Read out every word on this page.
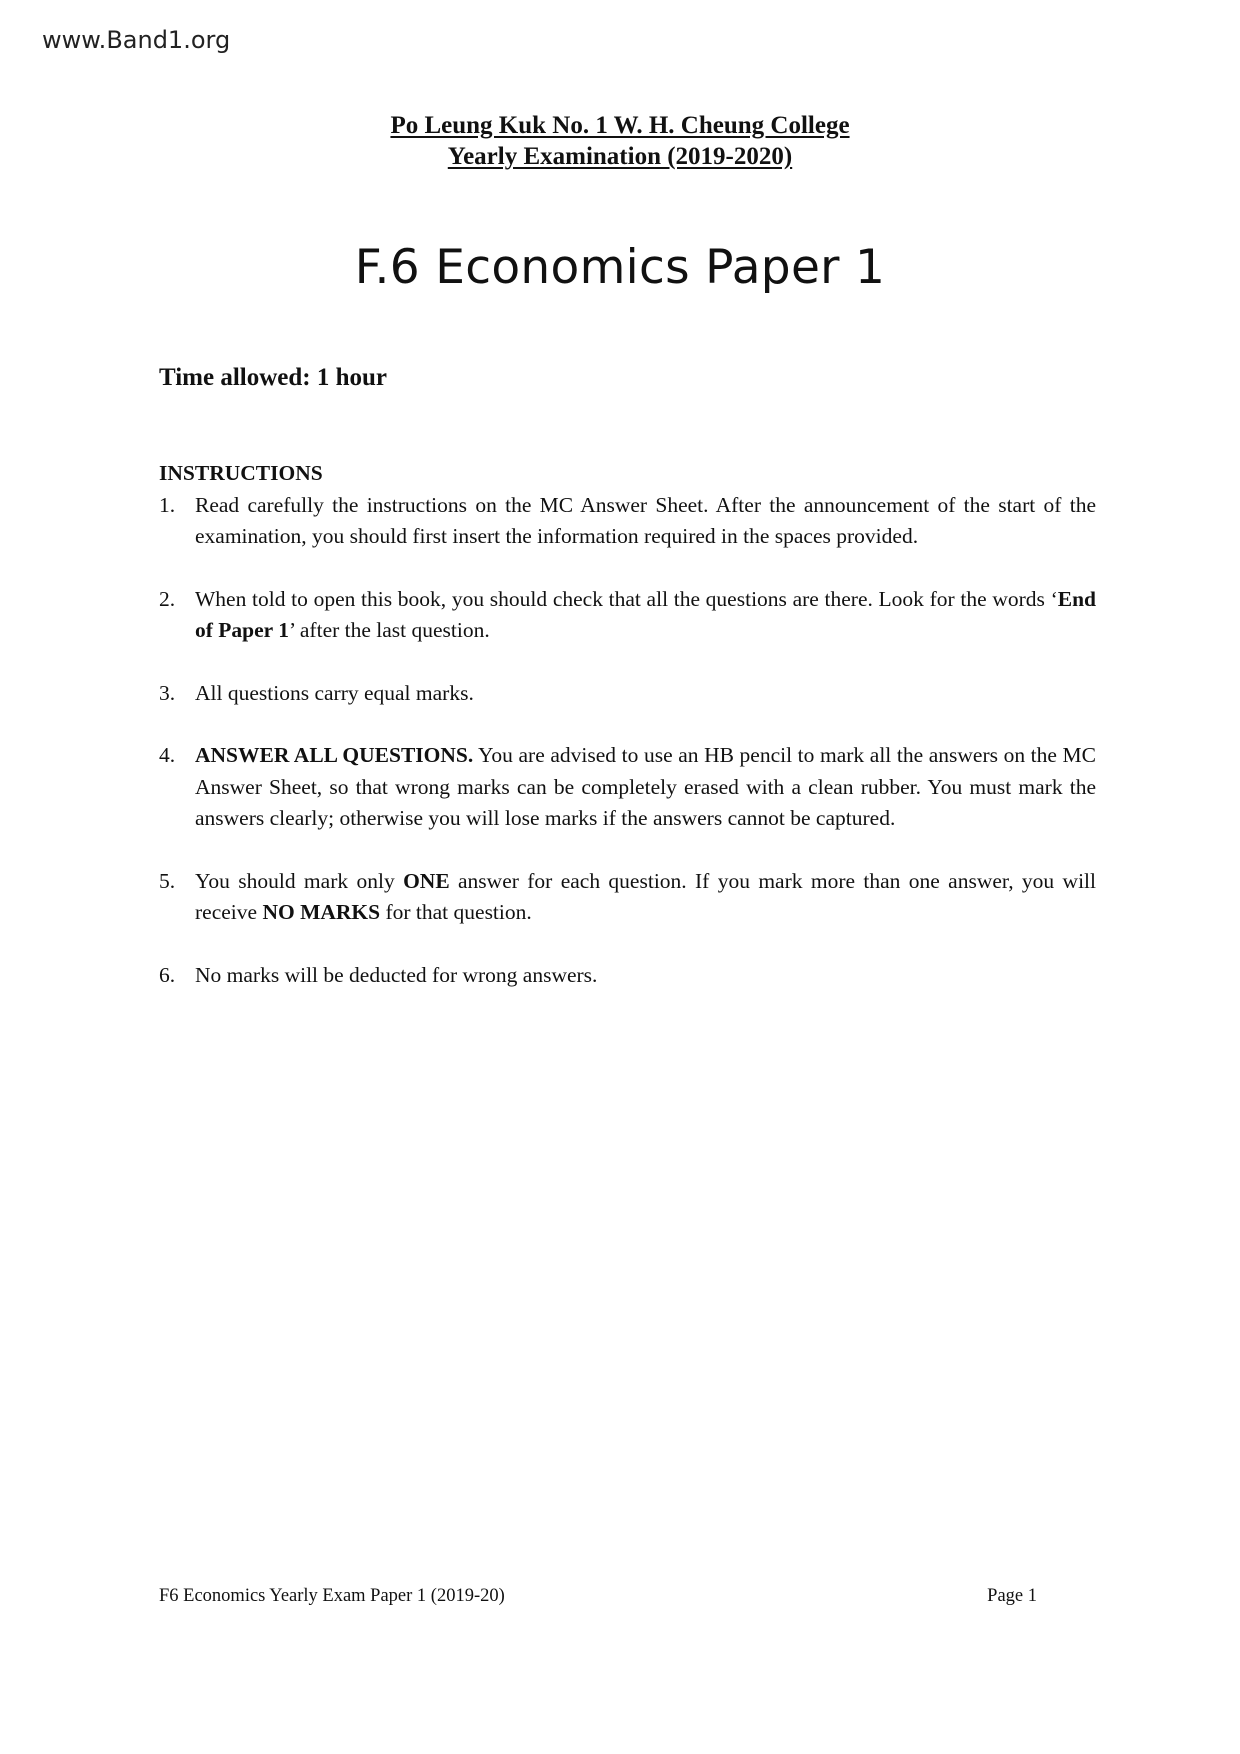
www.Band1.org
Po Leung Kuk No. 1 W. H. Cheung College
Yearly Examination (2019-2020)
F.6 Economics Paper 1
Time allowed: 1 hour
INSTRUCTIONS
1. Read carefully the instructions on the MC Answer Sheet. After the announcement of the start of the examination, you should first insert the information required in the spaces provided.
2. When told to open this book, you should check that all the questions are there. Look for the words ‘End of Paper 1’ after the last question.
3. All questions carry equal marks.
4. ANSWER ALL QUESTIONS. You are advised to use an HB pencil to mark all the answers on the MC Answer Sheet, so that wrong marks can be completely erased with a clean rubber. You must mark the answers clearly; otherwise you will lose marks if the answers cannot be captured.
5. You should mark only ONE answer for each question. If you mark more than one answer, you will receive NO MARKS for that question.
6. No marks will be deducted for wrong answers.
F6 Economics Yearly Exam Paper 1 (2019-20)	Page 1
